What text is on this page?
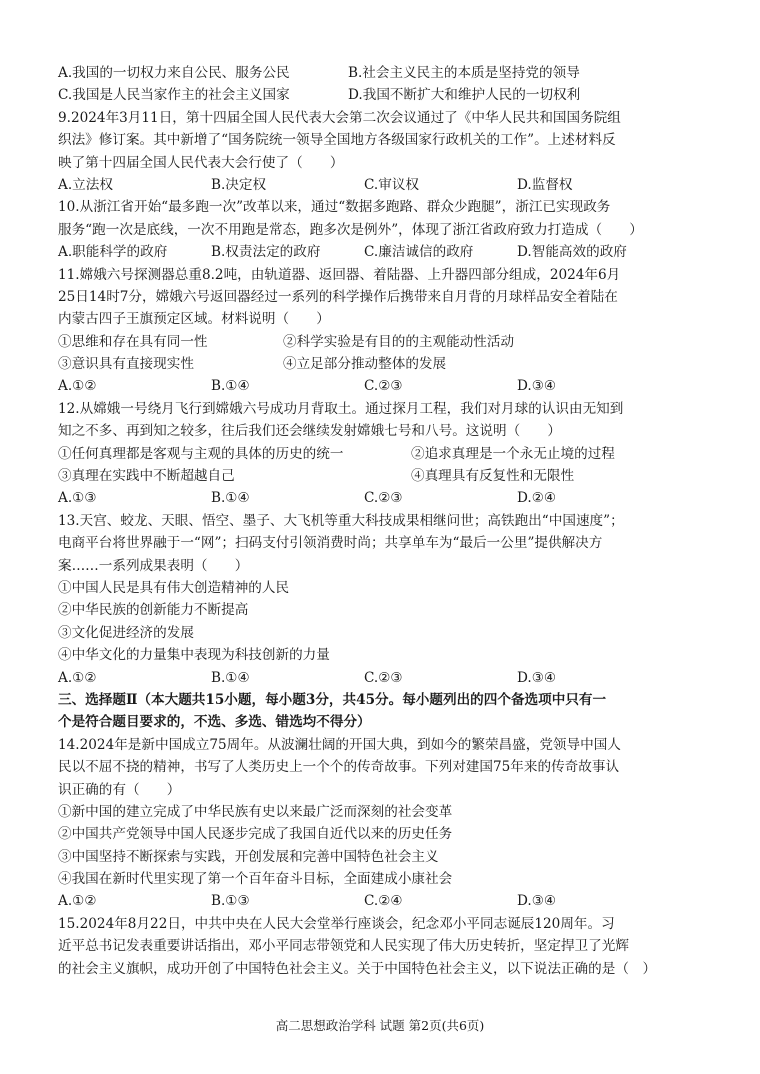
A.我国的一切权力来自公民、服务公民	B.社会主义民主的本质是坚持党的领导
C.我国是人民当家作主的社会主义国家	D.我国不断扩大和维护人民的一切权利
9.2024年3月11日，第十四届全国人民代表大会第二次会议通过了《中华人民共和国国务院组
织法》修订案。其中新增了“国务院统一领导全国地方各级国家行政机关的工作”。上述材料反
映了第十四届全国人民代表大会行使了（　　）
A.立法权	B.决定权	C.审议权	D.监督权
10.从浙江省开始“最多跑一次”改革以来，通过“数据多跑路、群众少跑腿”，浙江已实现政务
服务“跑一次是底线，一次不用跑是常态，跑多次是例外”，体现了浙江省政府致力打造成（　　）
A.职能科学的政府	B.权责法定的政府	C.廉洁诚信的政府	D.智能高效的政府
11.嫦娥六号探测器总重8.2吨，由轨道器、返回器、着陆器、上升器四部分组成，2024年6月
25日14时7分，嫦娥六号返回器经过一系列的科学操作后携带来自月背的月球样品安全着陆在
内蒙古四子王旗预定区域。材料说明（　　）
①思维和存在具有同一性	②科学实验是有目的的主观能动性活动
③意识具有直接现实性	④立足部分推动整体的发展
A.①②	B.①④	C.②③	D.③④
12.从嫦娥一号绕月飞行到嫦娥六号成功月背取土。通过探月工程，我们对月球的认识由无知到
知之不多、再到知之较多，往后我们还会继续发射嫦娥七号和八号。这说明（　　）
①任何真理都是客观与主观的具体的历史的统一	②追求真理是一个永无止境的过程
③真理在实践中不断超越自己	④真理具有反复性和无限性
A.①③	B.①④	C.②③	D.②④
13.天宫、蛟龙、天眼、悟空、墨子、大飞机等重大科技成果相继问世；高铁跑出“中国速度”；
电商平台将世界融于一“网”；扫码支付引领消费时尚；共享单车为“最后一公里”提供解决方
案……一系列成果表明（　　）
①中国人民是具有伟大创造精神的人民
②中华民族的创新能力不断提高
③文化促进经济的发展
④中华文化的力量集中表现为科技创新的力量
A.①②	B.①④	C.②③	D.③④
三、选择题Ⅱ（本大题共15小题，每小题3分，共45分。每小题列出的四个备选项中只有一
个是符合题目要求的，不选、多选、错选均不得分）
14.2024年是新中国成立75周年。从波澜壮阔的开国大典，到如今的繁荣昌盛，党领导中国人
民以不屈不挠的精神，书写了人类历史上一个个的传奇故事。下列对建国75年来的传奇故事认
识正确的有（　　）
①新中国的建立完成了中华民族有史以来最广泛而深刻的社会变革
②中国共产党领导中国人民逐步完成了我国自近代以来的历史任务
③中国坚持不断探索与实践，开创发展和完善中国特色社会主义
④我国在新时代里实现了第一个百年奋斗目标，全面建成小康社会
A.①②	B.①③	C.②④	D.③④
15.2024年8月22日，中共中央在人民大会堂举行座谈会，纪念邓小平同志诞辰120周年。习
近平总书记发表重要讲话指出，邓小平同志带领党和人民实现了伟大历史转折，坚定捍卫了光辉
的社会主义旗帜，成功开创了中国特色社会主义。关于中国特色社会主义，以下说法正确的是（　）
高二思想政治学科 试题 第2页(共6页)
